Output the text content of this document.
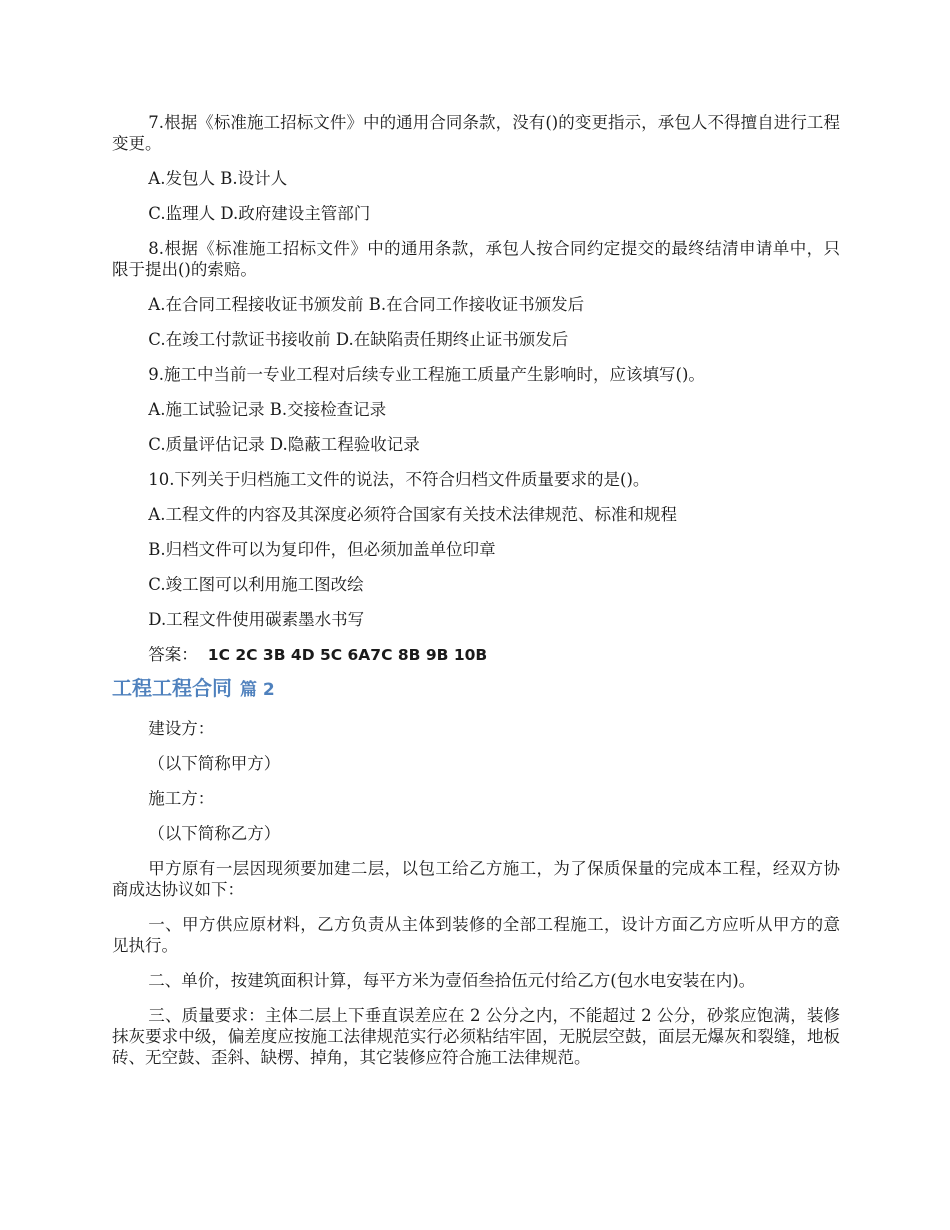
7.根据《标准施工招标文件》中的通用合同条款，没有()的变更指示，承包人不得擅自进行工程变更。

A.发包人 B.设计人

C.监理人 D.政府建设主管部门

8.根据《标准施工招标文件》中的通用条款，承包人按合同约定提交的最终结清申请单中，只限于提出()的索赔。

A.在合同工程接收证书颁发前 B.在合同工作接收证书颁发后

C.在竣工付款证书接收前 D.在缺陷责任期终止证书颁发后

9.施工中当前一专业工程对后续专业工程施工质量产生影响时，应该填写()。

A.施工试验记录 B.交接检查记录

C.质量评估记录 D.隐蔽工程验收记录

10.下列关于归档施工文件的说法，不符合归档文件质量要求的是()。

A.工程文件的内容及其深度必须符合国家有关技术法律规范、标准和规程

B.归档文件可以为复印件，但必须加盖单位印章

C.竣工图可以利用施工图改绘

D.工程文件使用碳素墨水书写

答案： 1C 2C 3B 4D 5C 6A7C 8B 9B 10B

工程工程合同 篇 2

建设方：

（以下简称甲方）

施工方：

（以下简称乙方）

甲方原有一层因现须要加建二层，以包工给乙方施工，为了保质保量的完成本工程，经双方协商成达协议如下：

一、甲方供应原材料，乙方负责从主体到装修的全部工程施工，设计方面乙方应听从甲方的意见执行。

二、单价，按建筑面积计算，每平方米为壹佰叁拾伍元付给乙方(包水电安装在内)。

三、质量要求：主体二层上下垂直误差应在 2 公分之内，不能超过 2 公分，砂浆应饱满，装修抹灰要求中级，偏差度应按施工法律规范实行必须粘结牢固，无脱层空鼓，面层无爆灰和裂缝，地板砖、无空鼓、歪斜、缺楞、掉角，其它装修应符合施工法律规范。
